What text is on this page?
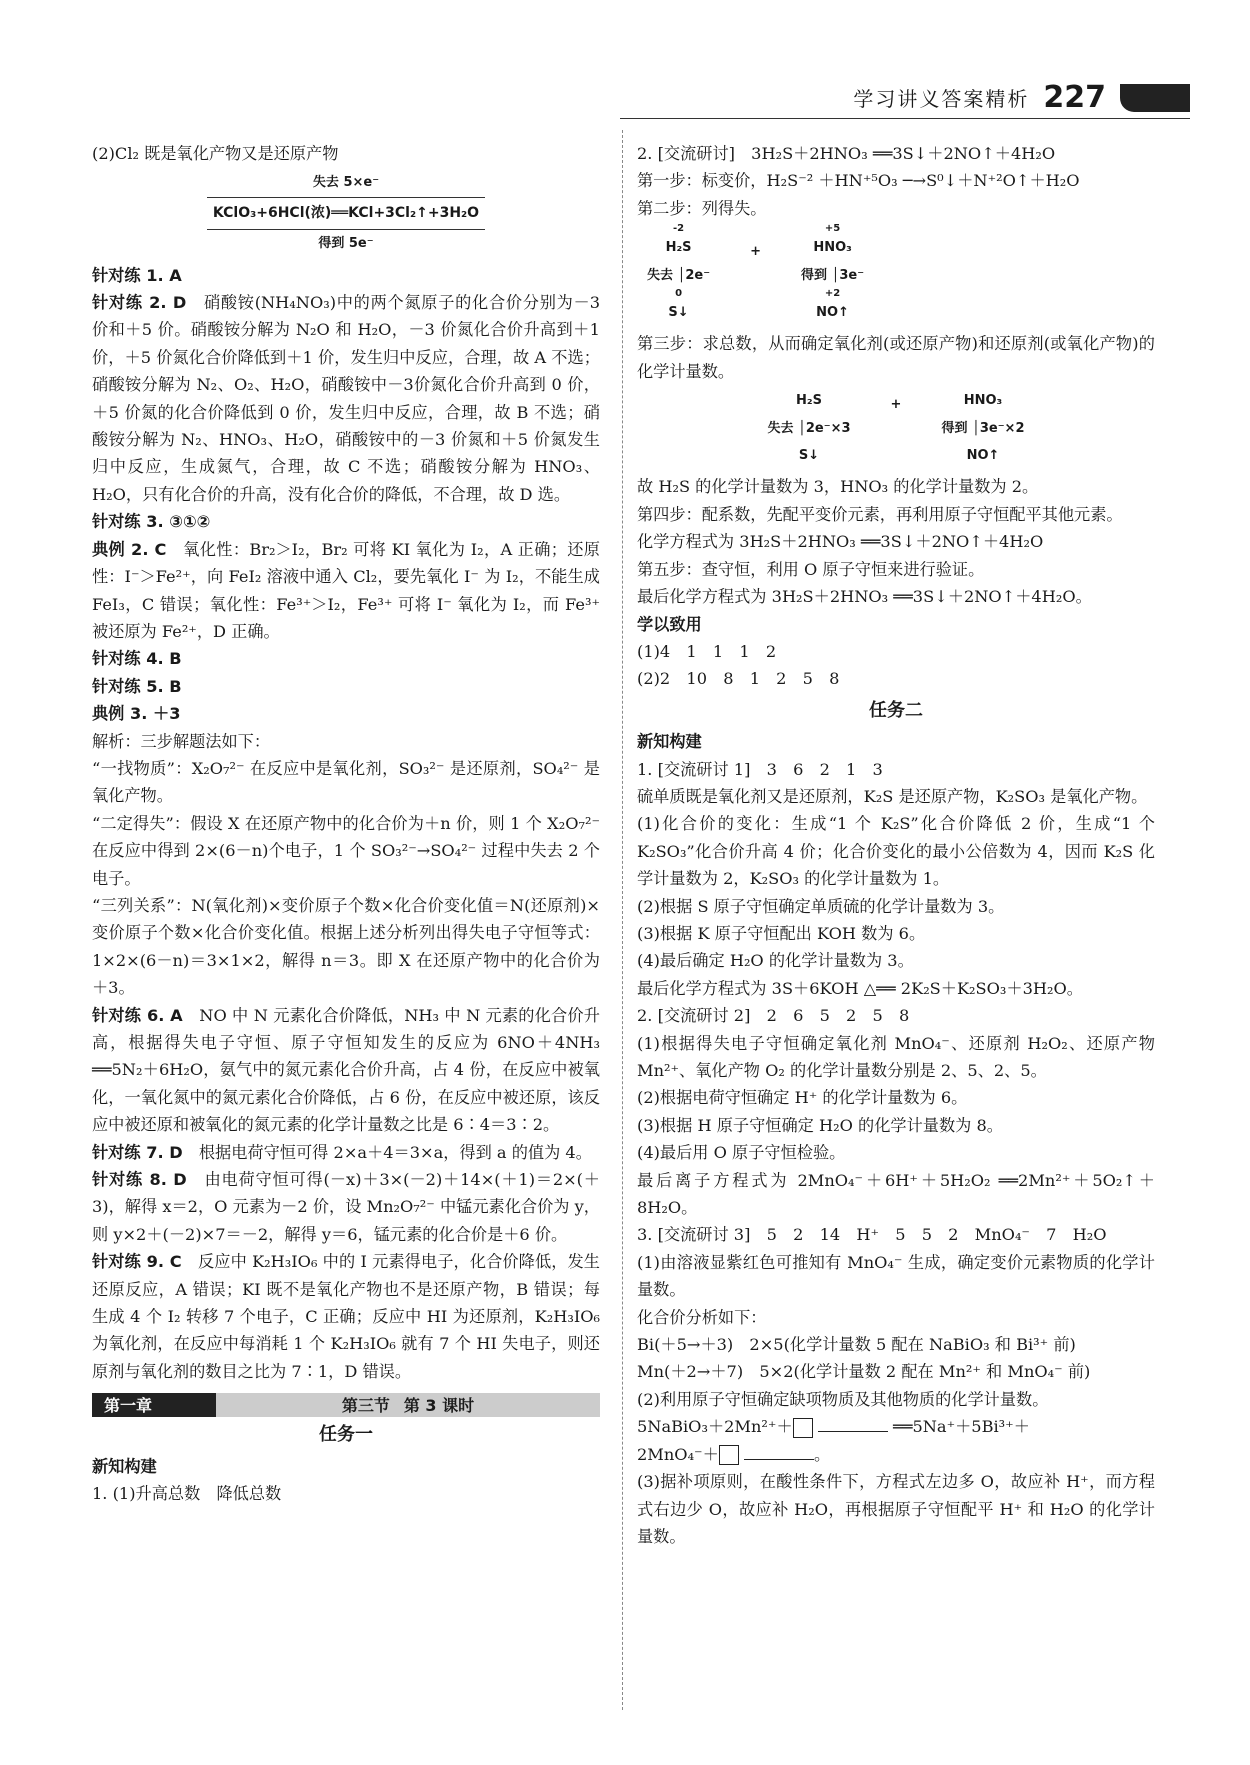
学习讲义答案精析 227

(2)Cl₂ 既是氧化产物又是还原产物

失去 5×e⁻
KClO₃+6HCl(浓)══KCl+3Cl₂↑+3H₂O
得到 5e⁻

针对练 1. A

针对练 2. D　 硝酸铵(NH₄NO₃)中的两个氮原子的化合价分别为－3 价和＋5 价。硝酸铵分解为 N₂O 和 H₂O，－3 价氮化合价升高到＋1 价，＋5 价氮化合价降低到＋1 价，发生归中反应，合理，故 A 不选；硝酸铵分解为 N₂、O₂、H₂O，硝酸铵中－3价氮化合价升高到 0 价，＋5 价氮的化合价降低到 0 价，发生归中反应，合理，故 B 不选；硝酸铵分解为 N₂、HNO₃、H₂O，硝酸铵中的－3 价氮和＋5 价氮发生归中反应，生成氮气，合理，故 C 不选；硝酸铵分解为 HNO₃、H₂O，只有化合价的升高，没有化合价的降低，不合理，故 D 选。

针对练 3. ③①②

典例 2. C　 氧化性：Br₂＞I₂，Br₂ 可将 KI 氧化为 I₂，A 正确；还原性：I⁻＞Fe²⁺，向 FeI₂ 溶液中通入 Cl₂，要先氧化 I⁻ 为 I₂，不能生成 FeI₃，C 错误；氧化性：Fe³⁺＞I₂，Fe³⁺ 可将 I⁻ 氧化为 I₂，而 Fe³⁺ 被还原为 Fe²⁺，D 正确。

针对练 4. B

针对练 5. B

典例 3. ＋3

解析：三步解题法如下：

“一找物质”：X₂O₇²⁻ 在反应中是氧化剂，SO₃²⁻ 是还原剂，SO₄²⁻ 是氧化产物。

“二定得失”：假设 X 在还原产物中的化合价为＋n 价，则 1 个 X₂O₇²⁻ 在反应中得到 2×(6－n)个电子，1 个 SO₃²⁻→SO₄²⁻ 过程中失去 2 个电子。

“三列关系”：N(氧化剂)×变价原子个数×化合价变化值＝N(还原剂)×变价原子个数×化合价变化值。根据上述分析列出得失电子守恒等式：1×2×(6－n)＝3×1×2，解得 n＝3。即 X 在还原产物中的化合价为＋3。

针对练 6. A　 NO 中 N 元素化合价降低，NH₃ 中 N 元素的化合价升高，根据得失电子守恒、原子守恒知发生的反应为 6NO＋4NH₃ ══5N₂＋6H₂O，氨气中的氮元素化合价升高，占 4 份，在反应中被氧化，一氧化氮中的氮元素化合价降低，占 6 份，在反应中被还原，该反应中被还原和被氧化的氮元素的化学计量数之比是 6∶4＝3∶2。

针对练 7. D　 根据电荷守恒可得 2×a＋4＝3×a，得到 a 的值为 4。

针对练 8. D　 由电荷守恒可得(－x)＋3×(－2)＋14×(＋1)＝2×(＋3)，解得 x＝2，O 元素为－2 价，设 Mn₂O₇²⁻ 中锰元素化合价为 y，则 y×2＋(－2)×7＝－2，解得 y＝6，锰元素的化合价是＋6 价。

针对练 9. C　 反应中 K₂H₃IO₆ 中的 I 元素得电子，化合价降低，发生还原反应，A 错误；KI 既不是氧化产物也不是还原产物，B 错误；每生成 4 个 I₂ 转移 7 个电子，C 正确；反应中 HI 为还原剂，K₂H₃IO₆ 为氧化剂，在反应中每消耗 1 个 K₂H₃IO₆ 就有 7 个 HI 失电子，则还原剂与氧化剂的数目之比为 7∶1，D 错误。

第一章	第三节 第 3 课时

任务一

新知构建

1. (1)升高总数　降低总数

2. [交流研讨]　3H₂S＋2HNO₃ ══3S↓＋2NO↑＋4H₂O

第一步：标变价，H₂S⁻² ＋HN⁺⁵O₃ ─→S⁰↓＋N⁺²O↑＋H₂O

第二步：列得失。

-2
H₂S
失去 │2e⁻
0
S↓
+
+5
HNO₃
得到 │3e⁻
+2
NO↑

第三步：求总数，从而确定氧化剂(或还原产物)和还原剂(或氧化产物)的化学计量数。

H₂S
失去 │2e⁻×3
S↓
+	HNO₃
得到 │3e⁻×2
NO↑

故 H₂S 的化学计量数为 3，HNO₃ 的化学计量数为 2。

第四步：配系数，先配平变价元素，再利用原子守恒配平其他元素。

化学方程式为 3H₂S＋2HNO₃ ══3S↓＋2NO↑＋4H₂O

第五步：查守恒，利用 O 原子守恒来进行验证。

最后化学方程式为 3H₂S＋2HNO₃ ══3S↓＋2NO↑＋4H₂O。

学以致用

(1)4　1　1　1　2

(2)2　10　8　1　2　5　8

任务二

新知构建

1. [交流研讨 1]　3　6　2　1　3

硫单质既是氧化剂又是还原剂，K₂S 是还原产物，K₂SO₃ 是氧化产物。

(1)化合价的变化：生成“1 个 K₂S”化合价降低 2 价，生成“1 个 K₂SO₃”化合价升高 4 价；化合价变化的最小公倍数为 4，因而 K₂S 化学计量数为 2，K₂SO₃ 的化学计量数为 1。

(2)根据 S 原子守恒确定单质硫的化学计量数为 3。

(3)根据 K 原子守恒配出 KOH 数为 6。

(4)最后确定 H₂O 的化学计量数为 3。

最后化学方程式为 3S＋6KOH △══ 2K₂S＋K₂SO₃＋3H₂O。

2. [交流研讨 2]　2　6　5　2　5　8

(1)根据得失电子守恒确定氧化剂 MnO₄⁻、还原剂 H₂O₂、还原产物 Mn²⁺、氧化产物 O₂ 的化学计量数分别是 2、5、2、5。

(2)根据电荷守恒确定 H⁺ 的化学计量数为 6。

(3)根据 H 原子守恒确定 H₂O 的化学计量数为 8。

(4)最后用 O 原子守恒检验。

最后离子方程式为 2MnO₄⁻＋6H⁺＋5H₂O₂ ══2Mn²⁺＋5O₂↑＋8H₂O。

3. [交流研讨 3]　5　2　14　H⁺　5　5　2　MnO₄⁻　7　H₂O

(1)由溶液显紫红色可推知有 MnO₄⁻ 生成，确定变价元素物质的化学计量数。

化合价分析如下：

Bi(＋5→＋3)　2×5(化学计量数 5 配在 NaBiO₃ 和 Bi³⁺ 前)

Mn(＋2→＋7)　5×2(化学计量数 2 配在 Mn²⁺ 和 MnO₄⁻ 前)

(2)利用原子守恒确定缺项物质及其他物质的化学计量数。

5NaBiO₃＋2Mn²⁺＋	══5Na⁺＋5Bi³⁺＋

2MnO₄⁻＋	。

(3)据补项原则，在酸性条件下，方程式左边多 O，故应补 H⁺，而方程式右边少 O，故应补 H₂O，再根据原子守恒配平 H⁺ 和 H₂O 的化学计量数。
